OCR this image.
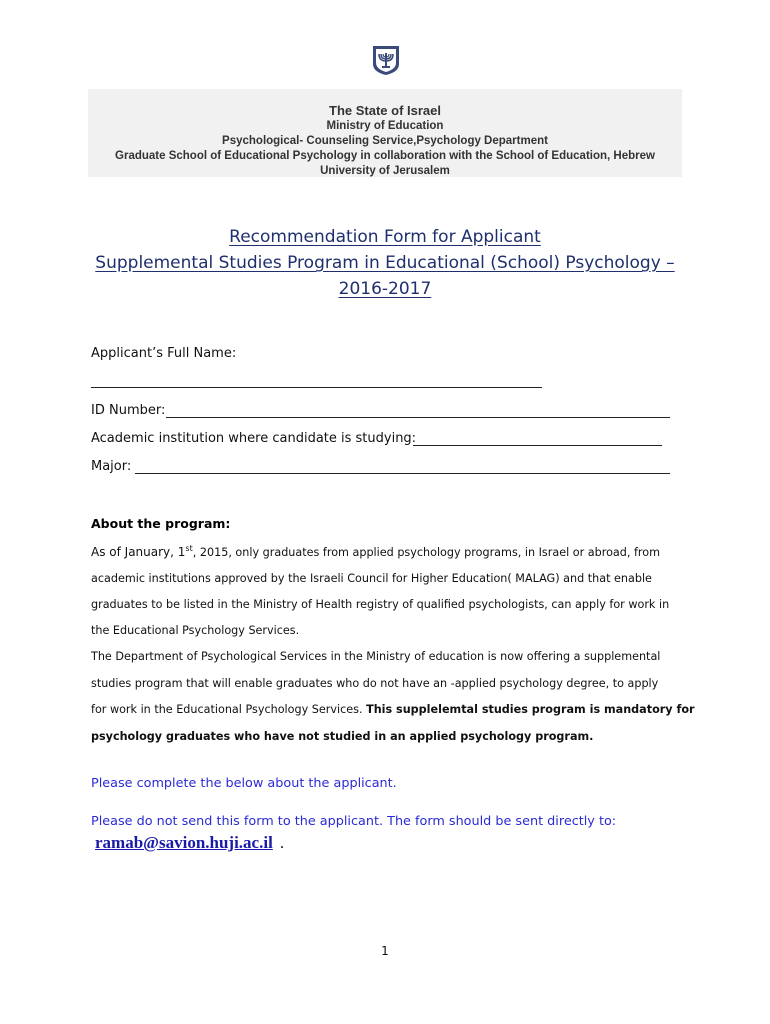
The State of Israel
Ministry of Education
Psychological- Counseling Service,Psychology Department
Graduate School of Educational Psychology in collaboration with the School of Education, Hebrew
University of Jerusalem
Recommendation Form for Applicant
Supplemental Studies Program in Educational (School) Psychology –
2016-2017
Applicant’s Full Name:
ID Number:
Academic institution where candidate is studying:
Major:
About the program:
As of January, 1st, 2015, only graduates from applied psychology programs, in Israel or abroad, from
academic institutions approved by the Israeli Council for Higher Education( MALAG) and that enable
graduates to be listed in the Ministry of Health registry of qualified psychologists, can apply for work in
the Educational Psychology Services.
The Department of Psychological Services in the Ministry of education is now offering a supplemental
studies program that will enable graduates who do not have an -applied psychology degree, to apply
for work in the Educational Psychology Services. This supplelemtal studies program is mandatory for
psychology graduates who have not studied in an applied psychology program.
Please complete the below about the applicant.
Please do not send this form to the applicant. The form should be sent directly to:
ramab@savion.huji.ac.il .
1
